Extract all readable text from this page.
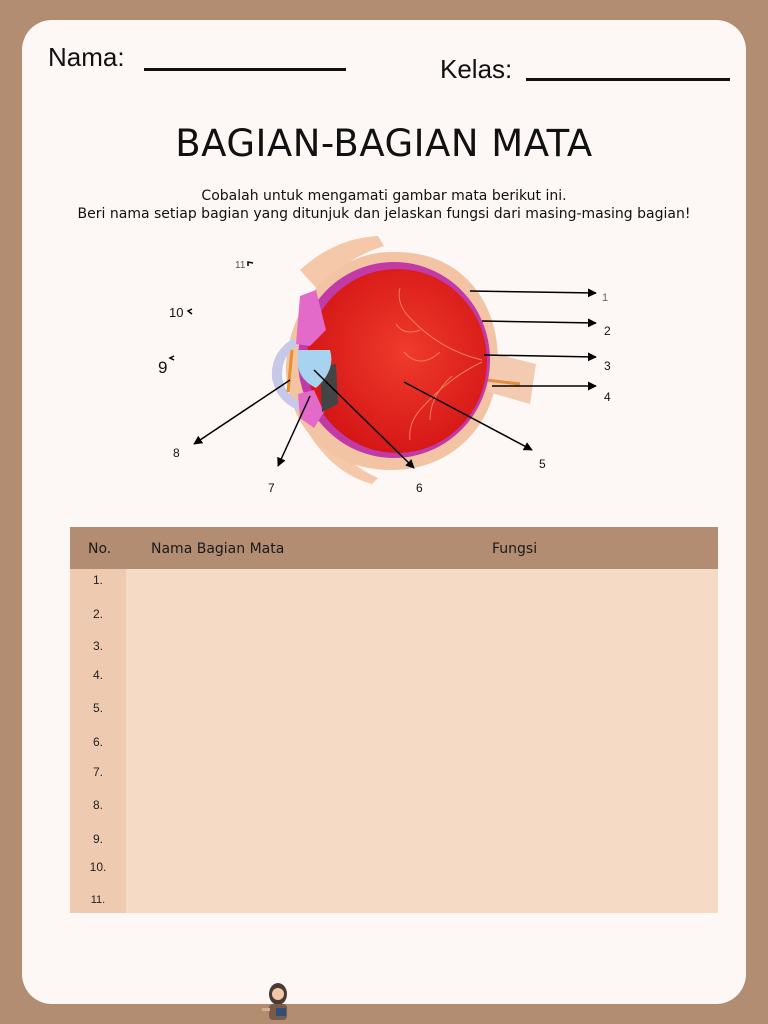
Nama:	Kelas:
BAGIAN-BAGIAN MATA
Cobalah untuk mengamati gambar mata berikut ini.
Beri nama setiap bagian yang ditunjuk dan jelaskan fungsi dari masing-masing bagian!
1
2
3
4
5
6
7
8
9
10
11
No.	Nama Bagian Mata	Fungsi
1.
2.
3.
4.
5.
6.
7.
8.
9.
10.
11.
